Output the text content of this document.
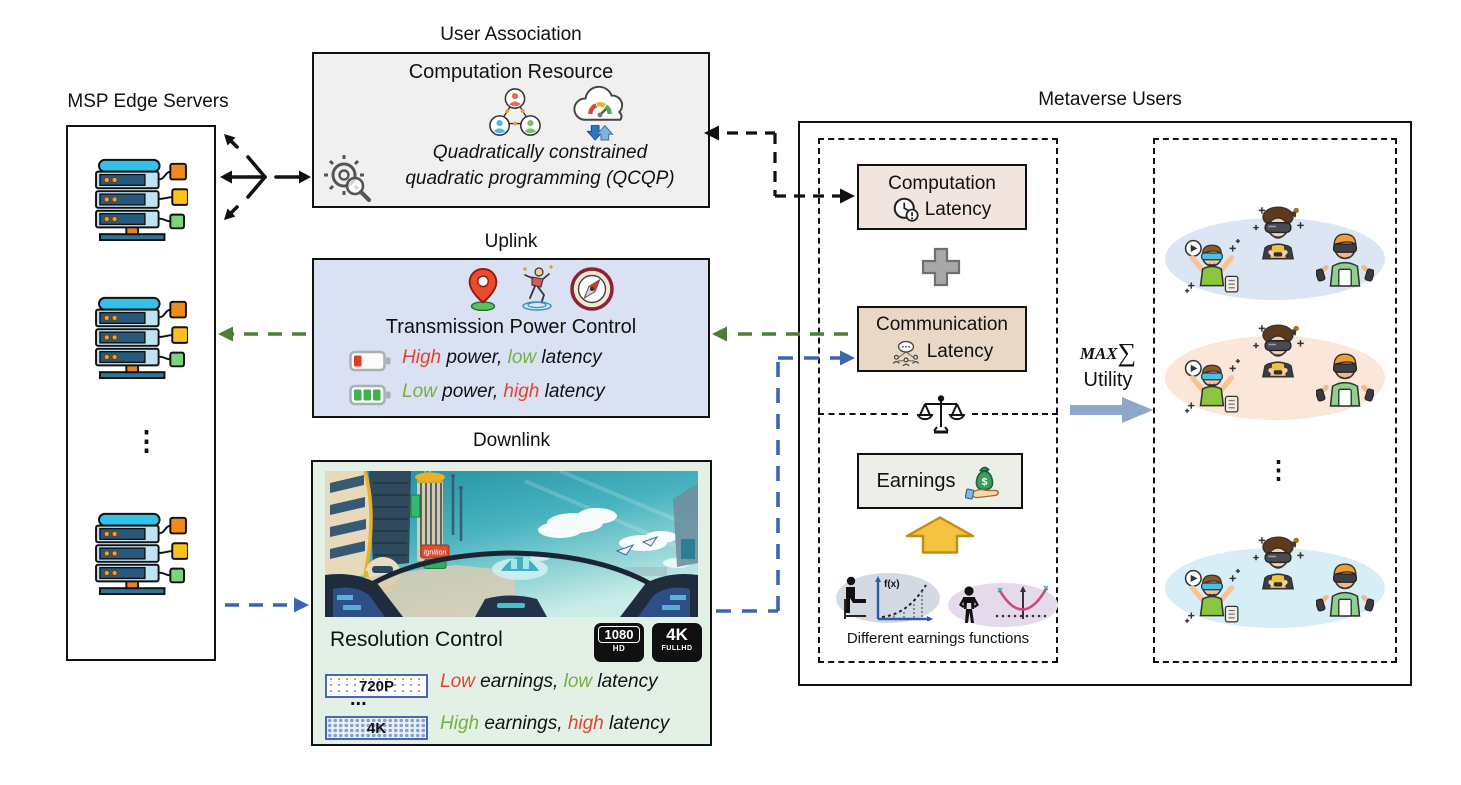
MSP Edge Servers
⋮
User Association
Computation Resource
Quadratically constrained
quadratic programming (QCQP)
Uplink
Transmission Power Control
High power, low latency
Low power, high latency
Downlink
Ignition
Resolution Control	1080
HD
4K
FULLHD
720P Low earnings, low latency
...
4K	High earnings, high latency
Metaverse Users
Computation
Latency
Communication
Latency
Earnings $
Different earnings functions
MAX∑
Utility
⋮
